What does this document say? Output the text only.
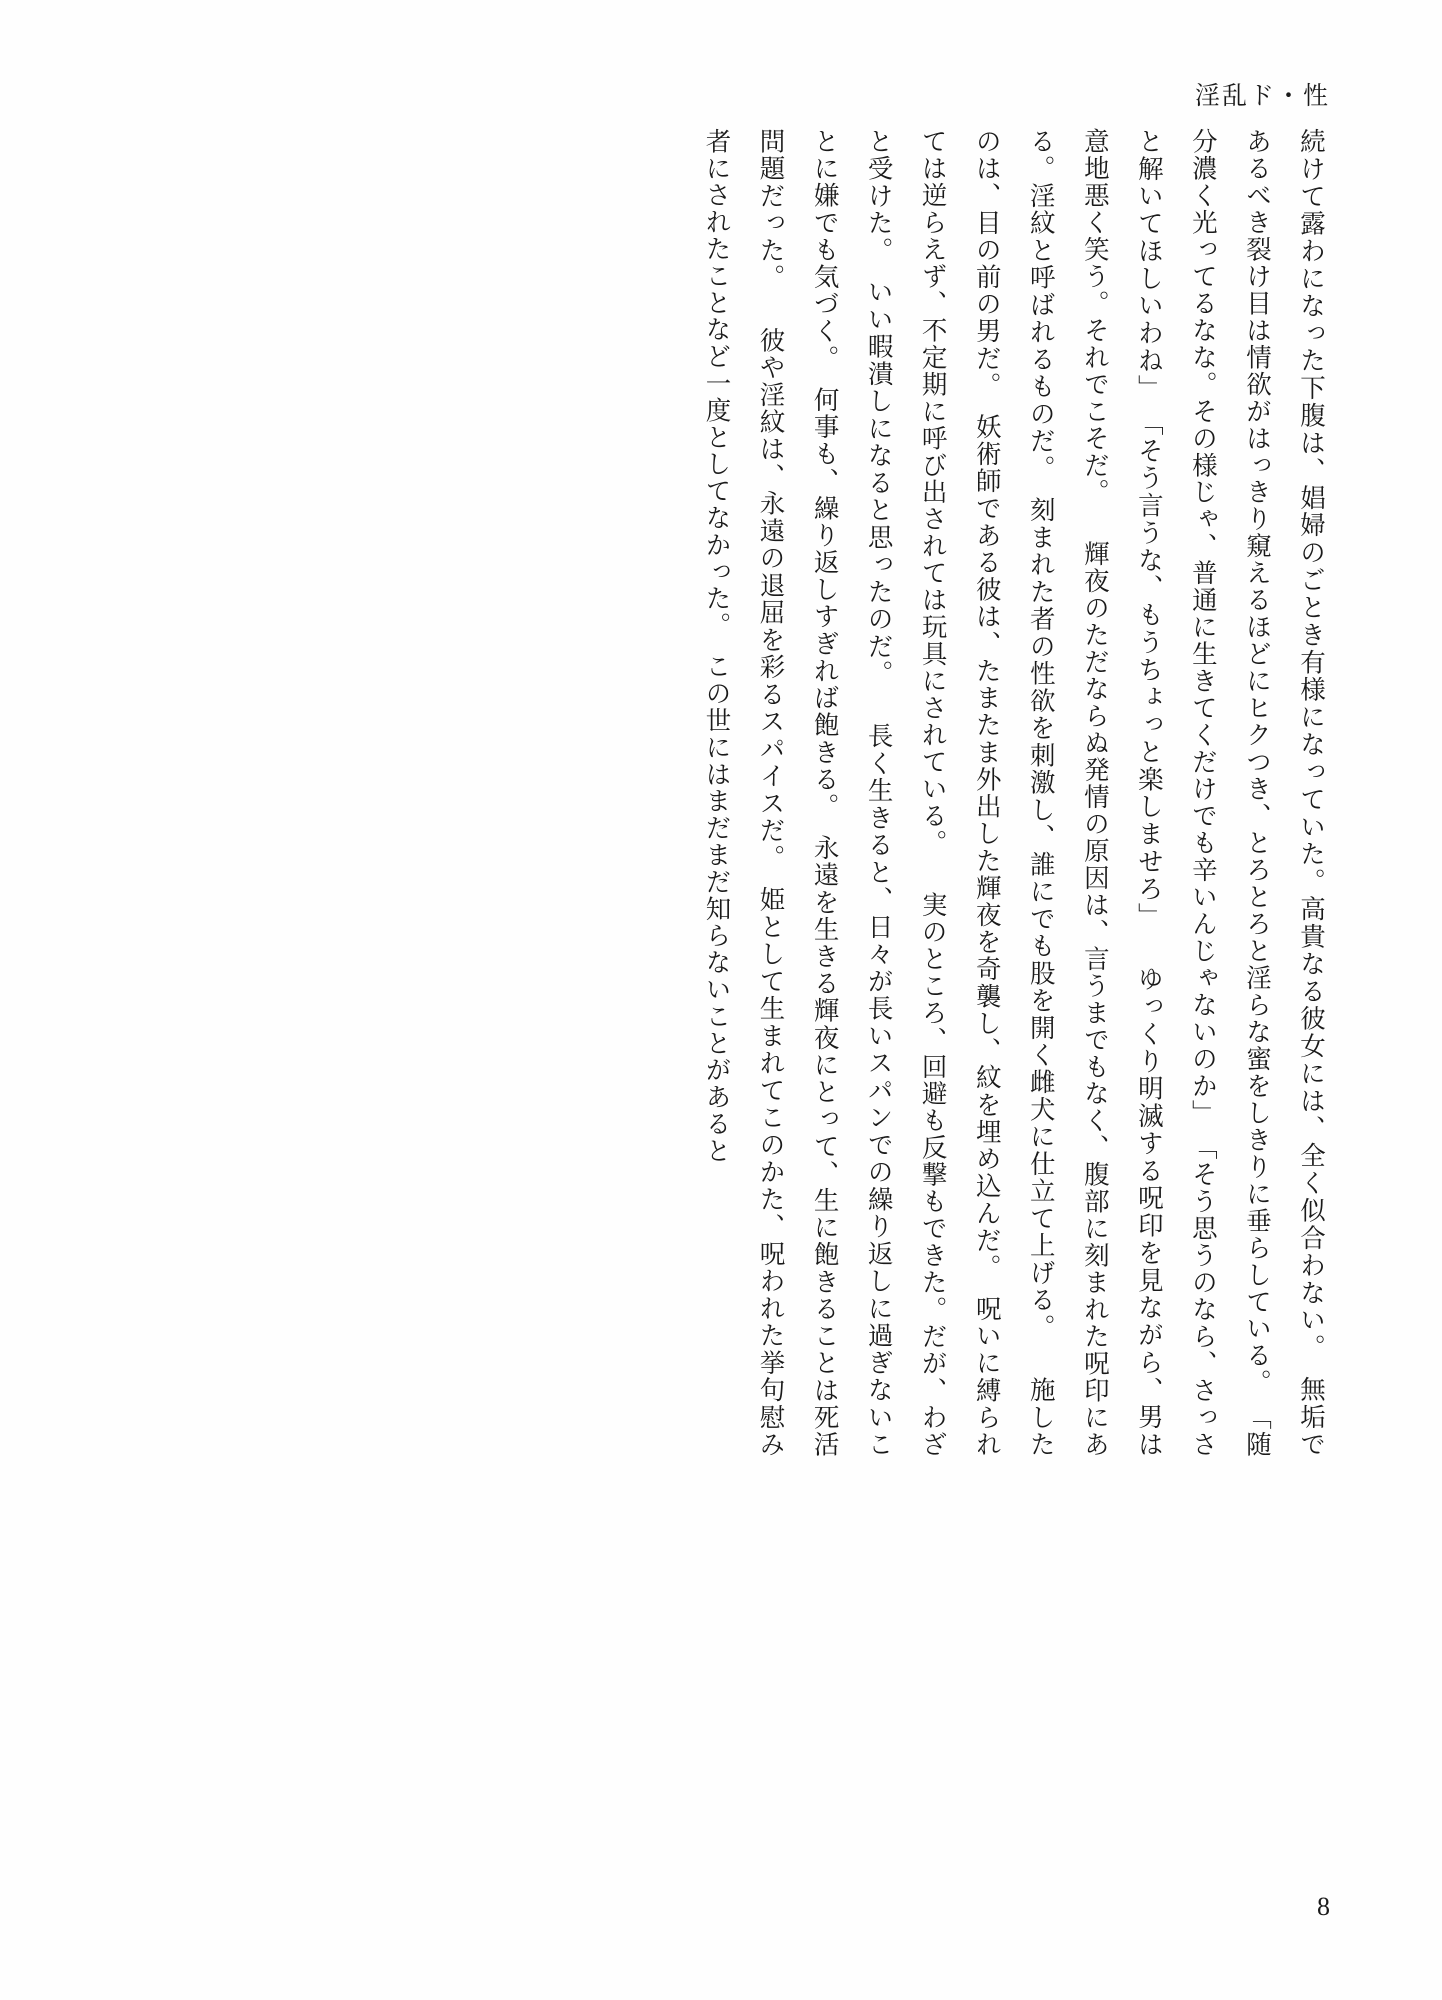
淫乱ド・性
続けて露わになった下腹は、娼婦のごとき有様になっていた。高貴なる彼女には、全く似合わない。　無垢であるべき裂け目は情欲がはっきり窺えるほどにヒクつき、とろとろと淫らな蜜をしきりに垂らしている。 「随分濃く光ってるなな。その様じゃ、普通に生きてくだけでも辛いんじゃないのか」 「そう思うのなら、さっさと解いてほしいわね」 「そう言うな、もうちょっと楽しませろ」 　ゆっくり明滅する呪印を見ながら、男は意地悪く笑う。それでこそだ。 　輝夜のただならぬ発情の原因は、言うまでもなく、腹部に刻まれた呪印にある。淫紋と呼ばれるものだ。　刻まれた者の性欲を刺激し、誰にでも股を開く雌犬に仕立て上げる。 　施したのは、目の前の男だ。　妖術師である彼は、たまたま外出した輝夜を奇襲し、紋を埋め込んだ。　呪いに縛られては逆らえず、不定期に呼び出されては玩具にされている。 　実のところ、回避も反撃もできた。だが、わざと受けた。　いい暇潰しになると思ったのだ。 　長く生きると、日々が長いスパンでの繰り返しに過ぎないことに嫌でも気づく。　何事も、繰り返しすぎれば飽きる。　永遠を生きる輝夜にとって、生に飽きることは死活問題だった。 　彼や淫紋は、永遠の退屈を彩るスパイスだ。　姫として生まれてこのかた、呪われた挙句慰み者にされたことなど一度としてなかった。　この世にはまだまだ知らないことがあると
8
